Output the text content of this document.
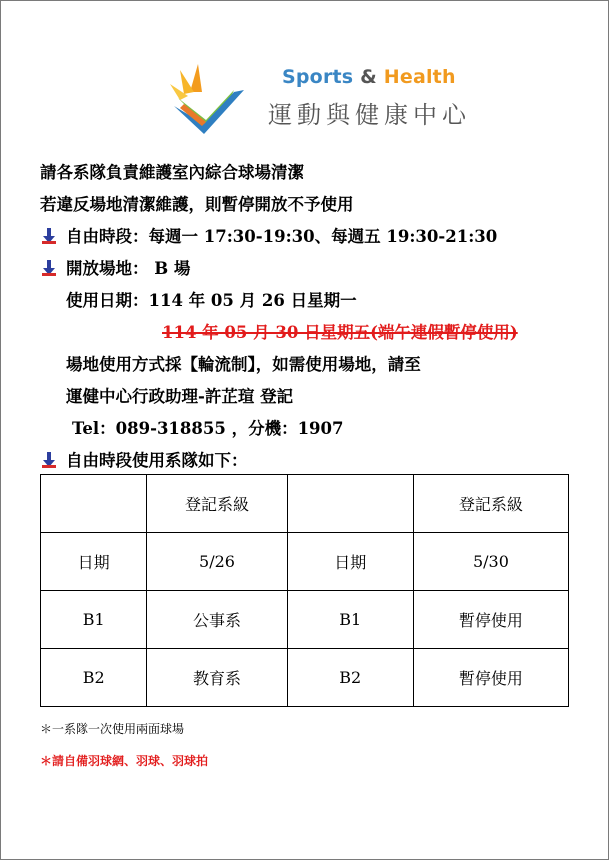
Sports & Health
運動與健康中心
請各系隊負責維護室內綜合球場清潔
若違反場地清潔維護，則暫停開放不予使用
自由時段：每週一 17:30-19:30、每週五 19:30-21:30
開放場地： B 場
使用日期：114 年 05 月 26 日星期一
114 年 05 月 30 日星期五(端午連假暫停使用)
場地使用方式採【輪流制】，如需使用場地，請至
運健中心行政助理-許芷瑄 登記
Tel：089-318855 ，分機：1907
自由時段使用系隊如下：
	登記系級		登記系級
日期	5/26	日期	5/30
B1	公事系	B1	暫停使用
B2	教育系	B2	暫停使用
＊一系隊一次使用兩面球場
＊請自備羽球網、羽球、羽球拍
